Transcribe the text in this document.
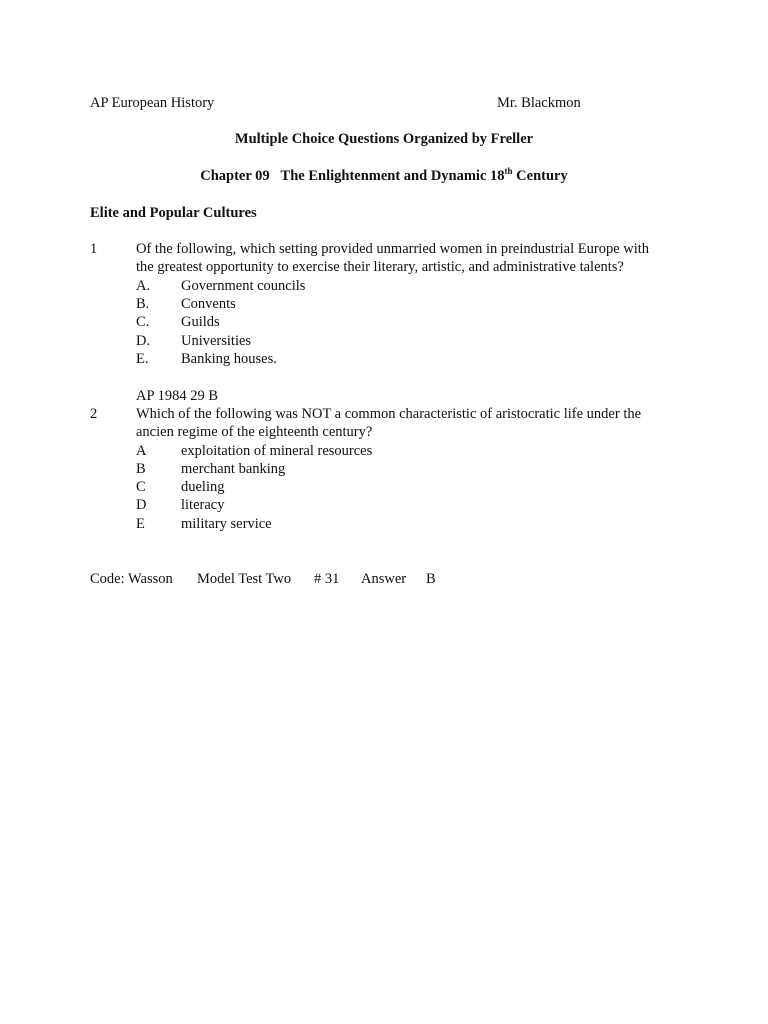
AP European History	Mr. Blackmon
Multiple Choice Questions Organized by Freller
Chapter 09 The Enlightenment and Dynamic 18th Century
Elite and Popular Cultures
1	Of the following, which setting provided unmarried women in preindustrial Europe with
the greatest opportunity to exercise their literary, artistic, and administrative talents?
A. Government councils
B. Convents
C. Guilds
D. Universities
E. Banking houses.
AP 1984 29 B
2	Which of the following was NOT a common characteristic of aristocratic life under the
ancien regime of the eighteenth century?
A exploitation of mineral resources
B merchant banking
C dueling
D literacy
E military service
Code: Wasson Model Test Two # 31 Answer B
